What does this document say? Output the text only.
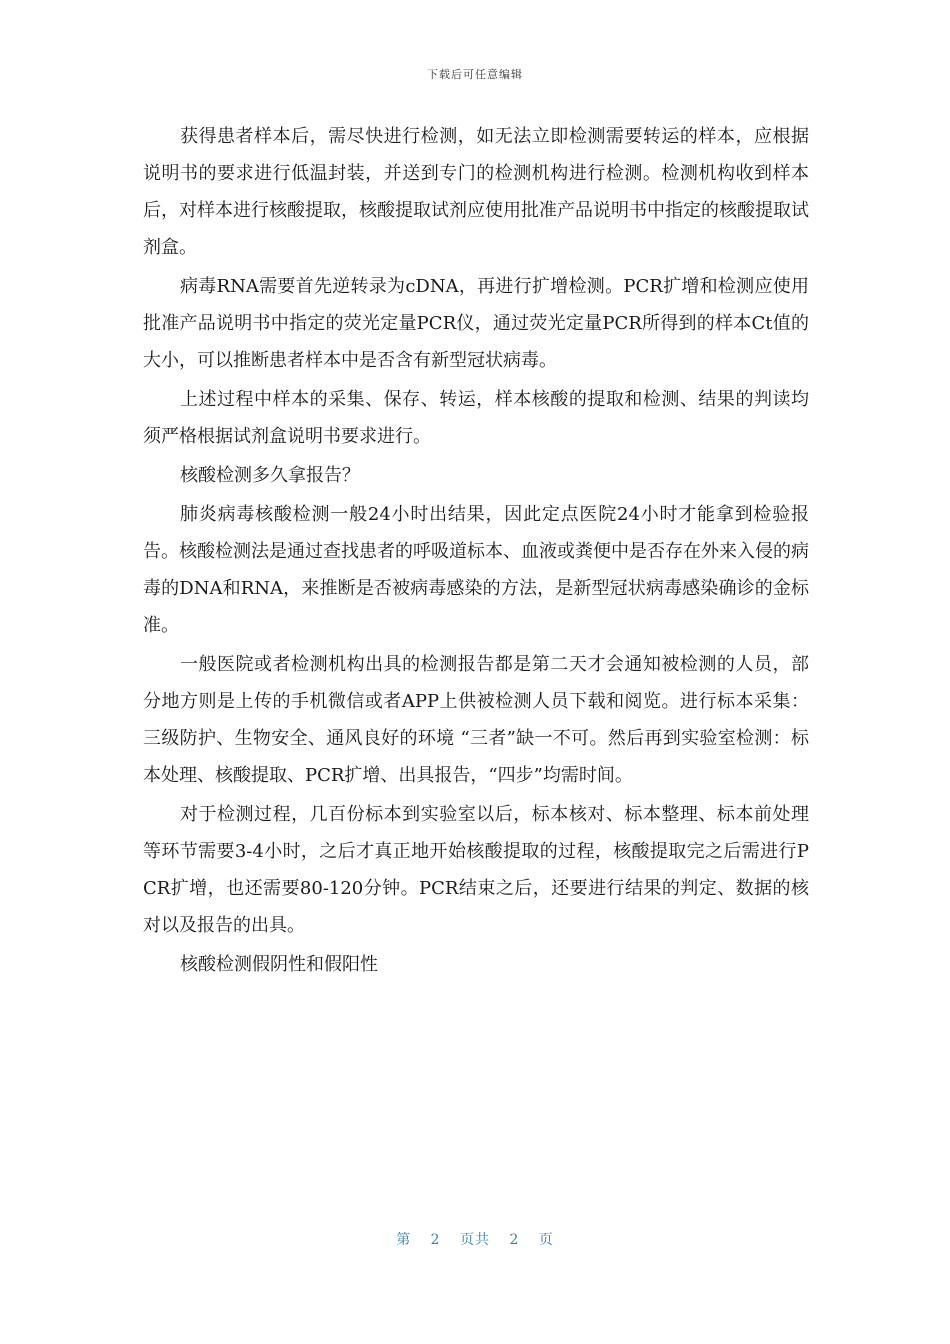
下载后可任意编辑

获得患者样本后，需尽快进行检测，如无法立即检测需要转运的样本，应根据说明书的要求进行低温封装，并送到专门的检测机构进行检测。检测机构收到样本后，对样本进行核酸提取，核酸提取试剂应使用批准产品说明书中指定的核酸提取试剂盒。

病毒RNA需要首先逆转录为cDNA，再进行扩增检测。PCR扩增和检测应使用批准产品说明书中指定的荧光定量PCR仪，通过荧光定量PCR所得到的样本Ct值的大小，可以推断患者样本中是否含有新型冠状病毒。

上述过程中样本的采集、保存、转运，样本核酸的提取和检测、结果的判读均须严格根据试剂盒说明书要求进行。

核酸检测多久拿报告？

肺炎病毒核酸检测一般24小时出结果，因此定点医院24小时才能拿到检验报告。核酸检测法是通过查找患者的呼吸道标本、血液或粪便中是否存在外来入侵的病毒的DNA和RNA，来推断是否被病毒感染的方法，是新型冠状病毒感染确诊的金标准。

一般医院或者检测机构出具的检测报告都是第二天才会通知被检测的人员，部分地方则是上传的手机微信或者APP上供被检测人员下载和阅览。进行标本采集：三级防护、生物安全、通风良好的环境 “三者”缺一不可。然后再到实验室检测：标本处理、核酸提取、PCR扩增、出具报告，“四步”均需时间。

对于检测过程，几百份标本到实验室以后，标本核对、标本整理、标本前处理等环节需要3-4小时，之后才真正地开始核酸提取的过程，核酸提取完之后需进行PCR扩增，也还需要80-120分钟。PCR结束之后，还要进行结果的判定、数据的核对以及报告的出具。

核酸检测假阴性和假阳性

第 2 页共 2 页
